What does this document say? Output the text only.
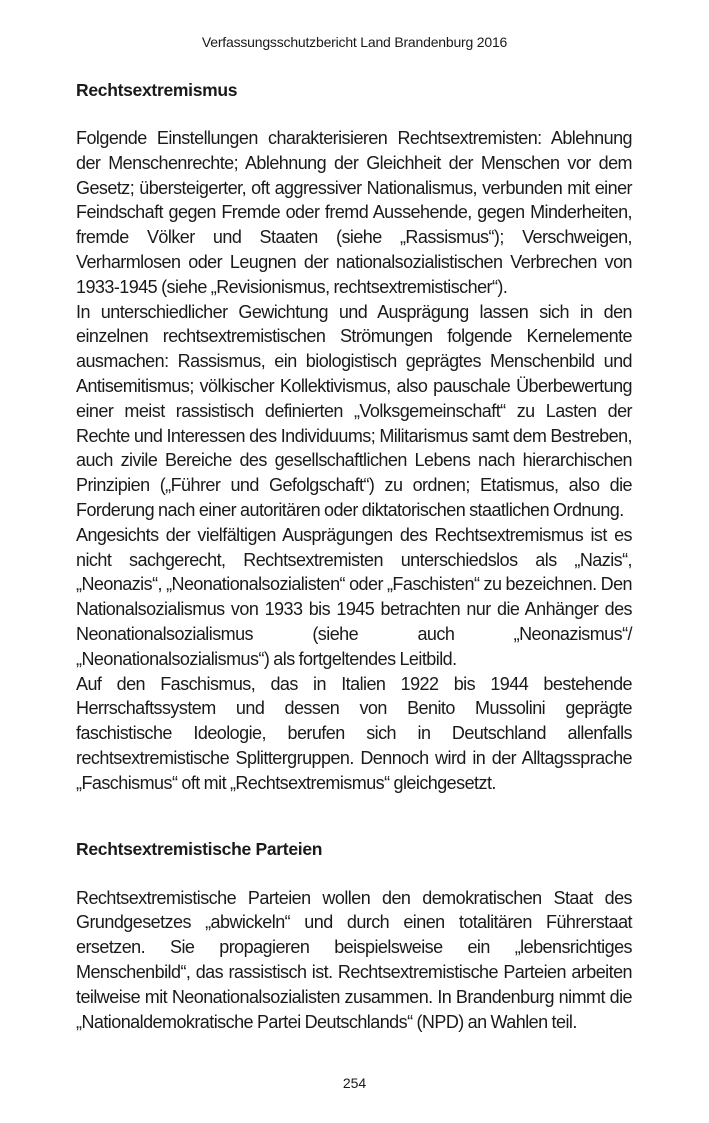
Verfassungsschutzbericht Land Brandenburg 2016
Rechtsextremismus

Folgende Einstellungen charakterisieren Rechtsextremisten: Ablehnung der Menschenrechte; Ablehnung der Gleichheit der Menschen vor dem Gesetz; übersteigerter, oft aggressiver Nationalismus, verbunden mit einer Feindschaft gegen Fremde oder fremd Aussehende, gegen Minderheiten, fremde Völker und Staaten (siehe „Rassismus“); Verschweigen, Verharmlosen oder Leugnen der nationalsozialistischen Verbrechen von 1933-1945 (siehe „Revisionismus, rechtsextremistischer“).

In unterschiedlicher Gewichtung und Ausprägung lassen sich in den einzelnen rechtsextremistischen Strömungen folgende Kernelemente ausmachen: Rassismus, ein biologistisch geprägtes Menschenbild und Antisemitismus; völkischer Kollektivismus, also pauschale Überbewertung einer meist rassistisch definierten „Volksgemeinschaft“ zu Lasten der Rechte und Interessen des Individuums; Militarismus samt dem Bestreben, auch zivile Bereiche des gesellschaftlichen Lebens nach hierarchischen Prinzipien („Führer und Gefolgschaft“) zu ordnen; Etatismus, also die Forderung nach einer autoritären oder diktatorischen staatlichen Ordnung.

Angesichts der vielfältigen Ausprägungen des Rechtsextremismus ist es nicht sachgerecht, Rechtsextremisten unterschiedslos als „Nazis“, „Neonazis“, „Neonationalsozialisten“ oder „Faschisten“ zu bezeichnen. Den Nationalsozialismus von 1933 bis 1945 betrachten nur die Anhänger des Neonationalsozialismus (siehe auch „Neonazismus“/„Neonationalsozialismus“) als fortgeltendes Leitbild.

Auf den Faschismus, das in Italien 1922 bis 1944 bestehende Herrschaftssystem und dessen von Benito Mussolini geprägte faschistische Ideologie, berufen sich in Deutschland allenfalls rechtsextremistische Splittergruppen. Dennoch wird in der Alltagssprache „Faschismus“ oft mit „Rechtsextremismus“ gleichgesetzt.

Rechtsextremistische Parteien

Rechtsextremistische Parteien wollen den demokratischen Staat des Grundgesetzes „abwickeln“ und durch einen totalitären Führerstaat ersetzen. Sie propagieren beispielsweise ein „lebensrichtiges Menschenbild“, das rassistisch ist. Rechtsextremistische Parteien arbeiten teilweise mit Neonationalsozialisten zusammen. In Brandenburg nimmt die „Nationaldemokratische Partei Deutschlands“ (NPD) an Wahlen teil.

254
